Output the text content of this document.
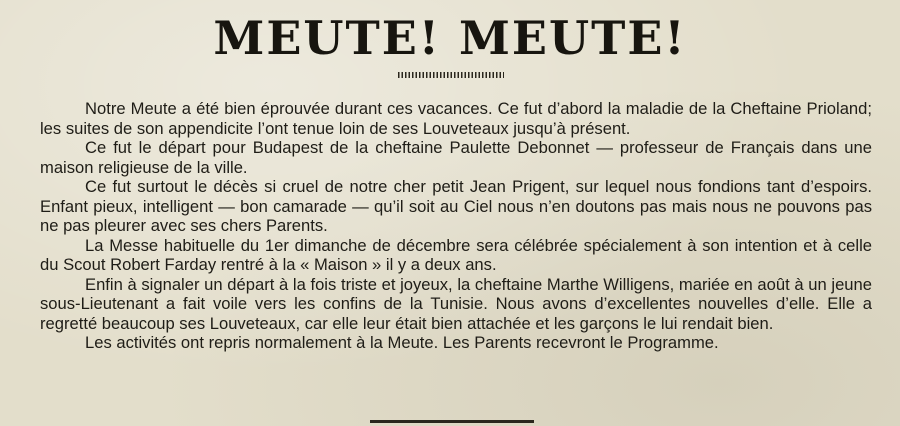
MEUTE! MEUTE!

Notre Meute a été bien éprouvée durant ces vacances. Ce fut d’abord la maladie de la Cheftaine Prioland; les suites de son appendicite l’ont tenue loin de ses Louveteaux jusqu’à présent.

Ce fut le départ pour Budapest de la cheftaine Paulette Debonnet — professeur de Français dans une maison religieuse de la ville.

Ce fut surtout le décès si cruel de notre cher petit Jean Prigent, sur lequel nous fondions tant d’espoirs. Enfant pieux, intelligent — bon camarade — qu’il soit au Ciel nous n’en doutons pas mais nous ne pouvons pas ne pas pleurer avec ses chers Parents.

La Messe habituelle du 1er dimanche de décembre sera célébrée spécialement à son intention et à celle du Scout Robert Farday rentré à la « Maison » il y a deux ans.

Enfin à signaler un départ à la fois triste et joyeux, la cheftaine Marthe Willigens, mariée en août à un jeune sous-Lieutenant a fait voile vers les confins de la Tunisie. Nous avons d’excellentes nouvelles d’elle. Elle a regretté beaucoup ses Louveteaux, car elle leur était bien attachée et les garçons le lui rendait bien.

Les activités ont repris normalement à la Meute. Les Parents recevront le Programme.
